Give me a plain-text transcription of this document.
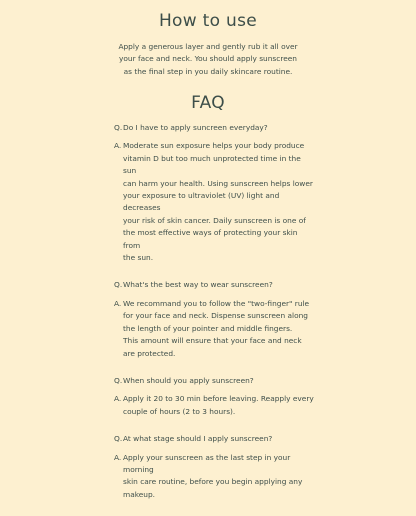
How to use

Apply a generous layer and gently rub it all over your face and neck. You should apply sunscreen as the final step in you daily skincare routine.

FAQ
Q. Do I have to apply suncreen everyday?
A. Moderate sun exposure helps your body produce
vitamin D but too much unprotected time in the sun
can harm your health. Using sunscreen helps lower
your exposure to ultraviolet (UV) light and decreases
your risk of skin cancer. Daily sunscreen is one of
the most effective ways of protecting your skin from
the sun.
Q. What's the best way to wear sunscreen?
A. We recommand you to follow the "two-finger" rule
for your face and neck. Dispense sunscreen along
the length of your pointer and middle fingers.
This amount will ensure that your face and neck
are protected.
Q. When should you apply sunscreen?
A. Apply it 20 to 30 min before leaving. Reapply every
couple of hours (2 to 3 hours).
Q. At what stage should I apply sunscreen?
A. Apply your sunscreen as the last step in your morning
skin care routine, before you begin applying any
makeup.
